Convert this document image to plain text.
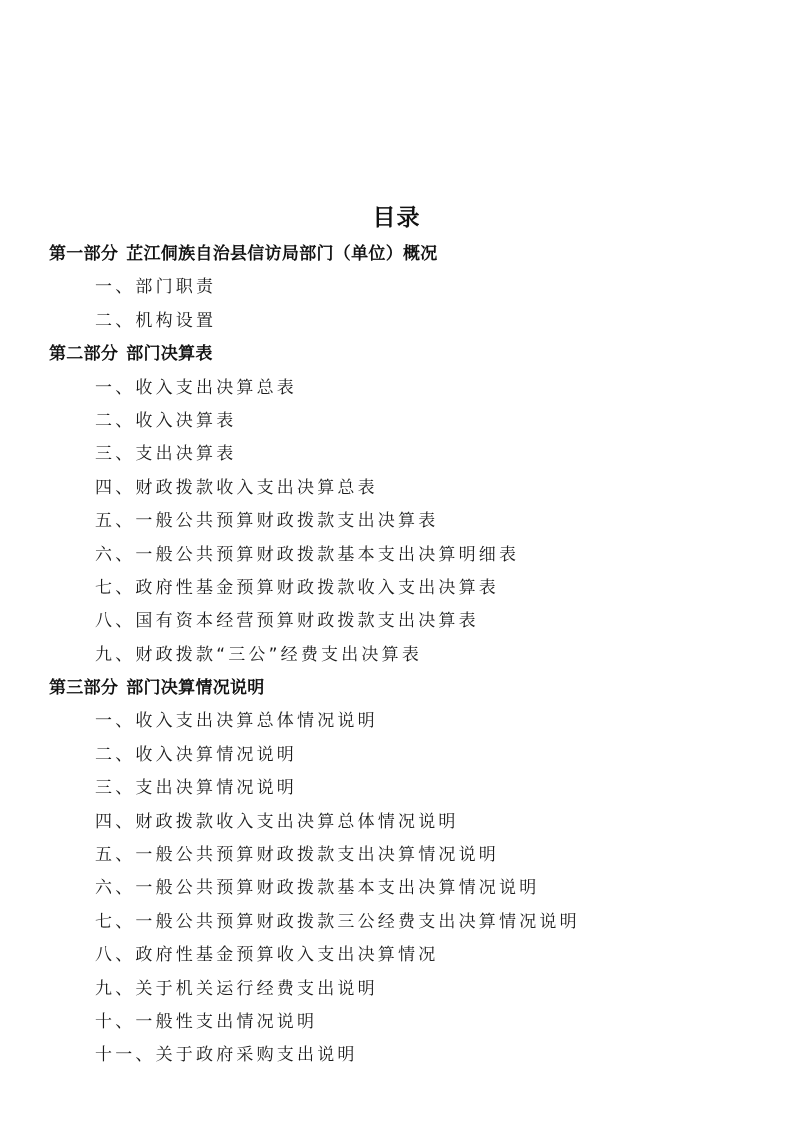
目录
第一部分 芷江侗族自治县信访局部门（单位）概况
一、部门职责
二、机构设置
第二部分 部门决算表
一、收入支出决算总表
二、收入决算表
三、支出决算表
四、财政拨款收入支出决算总表
五、一般公共预算财政拨款支出决算表
六、一般公共预算财政拨款基本支出决算明细表
七、政府性基金预算财政拨款收入支出决算表
八、国有资本经营预算财政拨款支出决算表
九、财政拨款“三公”经费支出决算表
第三部分 部门决算情况说明
一、收入支出决算总体情况说明
二、收入决算情况说明
三、支出决算情况说明
四、财政拨款收入支出决算总体情况说明
五、一般公共预算财政拨款支出决算情况说明
六、一般公共预算财政拨款基本支出决算情况说明
七、一般公共预算财政拨款三公经费支出决算情况说明
八、政府性基金预算收入支出决算情况
九、关于机关运行经费支出说明
十、一般性支出情况说明
十一、关于政府采购支出说明
